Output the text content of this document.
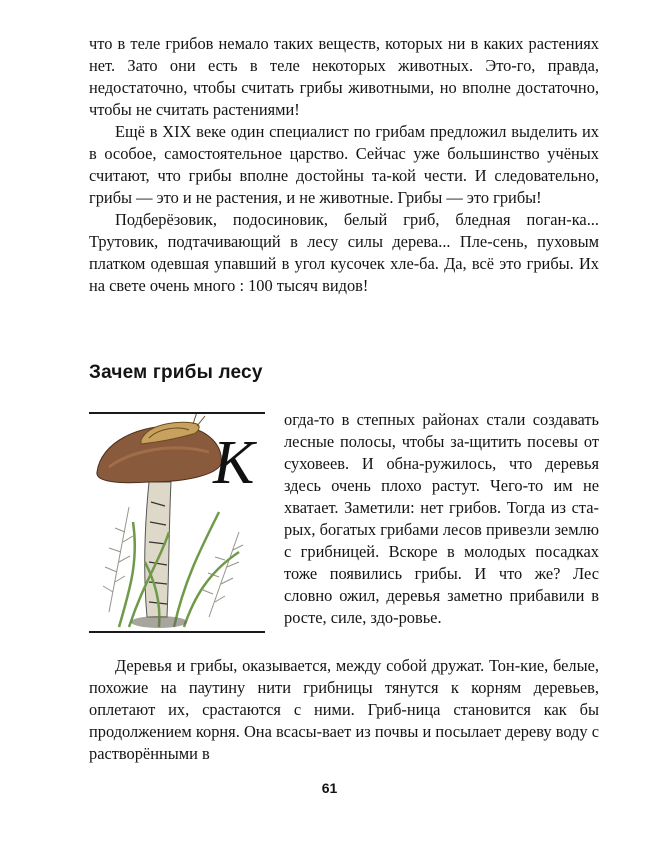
что в теле грибов немало таких веществ, которых ни в каких растениях нет. Зато они есть в теле некоторых животных. Это-го, правда, недостаточно, чтобы считать грибы животными, но вполне достаточно, чтобы не считать растениями!

Ещё в XIX веке один специалист по грибам предложил выделить их в особое, самостоятельное царство. Сейчас уже большинство учёных считают, что грибы вполне достойны та-кой чести. И следовательно, грибы — это и не растения, и не животные. Грибы — это грибы!

Подберёзовик, подосиновик, белый гриб, бледная поган-ка... Трутовик, подтачивающий в лесу силы дерева... Пле-сень, пуховым платком одевшая упавший в угол кусочек хле-ба. Да, всё это грибы. Их на свете очень много : 100 тысяч видов!

Зачем грибы лесу
К

огда-то в степных районах стали создавать лесные полосы, чтобы за-щитить посевы от суховеев. И обна-ружилось, что деревья здесь очень плохо растут. Чего-то им не хватает. Заметили: нет грибов. Тогда из ста-рых, богатых грибами лесов привезли землю с грибницей. Вскоре в молодых посадках тоже появились грибы. И что же? Лес словно ожил, деревья заметно прибавили в росте, силе, здо-ровье.

Деревья и грибы, оказывается, между собой дружат. Тон-кие, белые, похожие на паутину нити грибницы тянутся к корням деревьев, оплетают их, срастаются с ними. Гриб-ница становится как бы продолжением корня. Она всасы-вает из почвы и посылает дереву воду с растворёнными в

61
